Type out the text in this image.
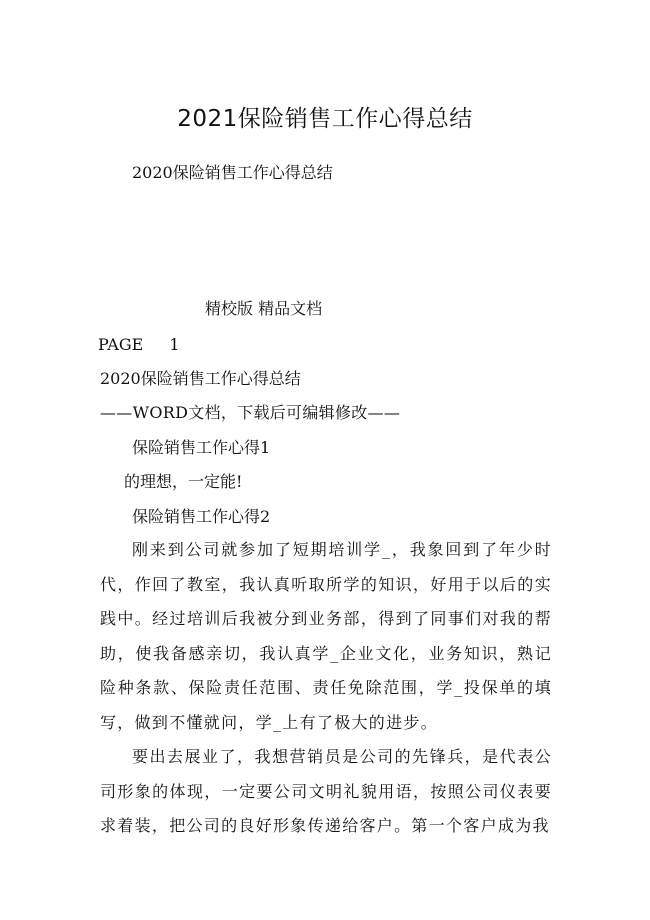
2021保险销售工作心得总结

2020保险销售工作心得总结

精校版 精品文档

PAGE 1

2020保险销售工作心得总结

——WORD文档，下载后可编辑修改——

保险销售工作心得1

的理想，一定能!

保险销售工作心得2

刚来到公司就参加了短期培训学_，我象回到了年少时代，作回了教室，我认真听取所学的知识，好用于以后的实践中。经过培训后我被分到业务部，得到了同事们对我的帮助，使我备感亲切，我认真学_企业文化，业务知识，熟记险种条款、保险责任范围、责任免除范围，学_投保单的填写，做到不懂就问，学_上有了极大的进步。

要出去展业了，我想营销员是公司的先锋兵，是代表公司形象的体现，一定要公司文明礼貌用语，按照公司仪表要求着装，把公司的良好形象传递给客户。第一个客户成为我
